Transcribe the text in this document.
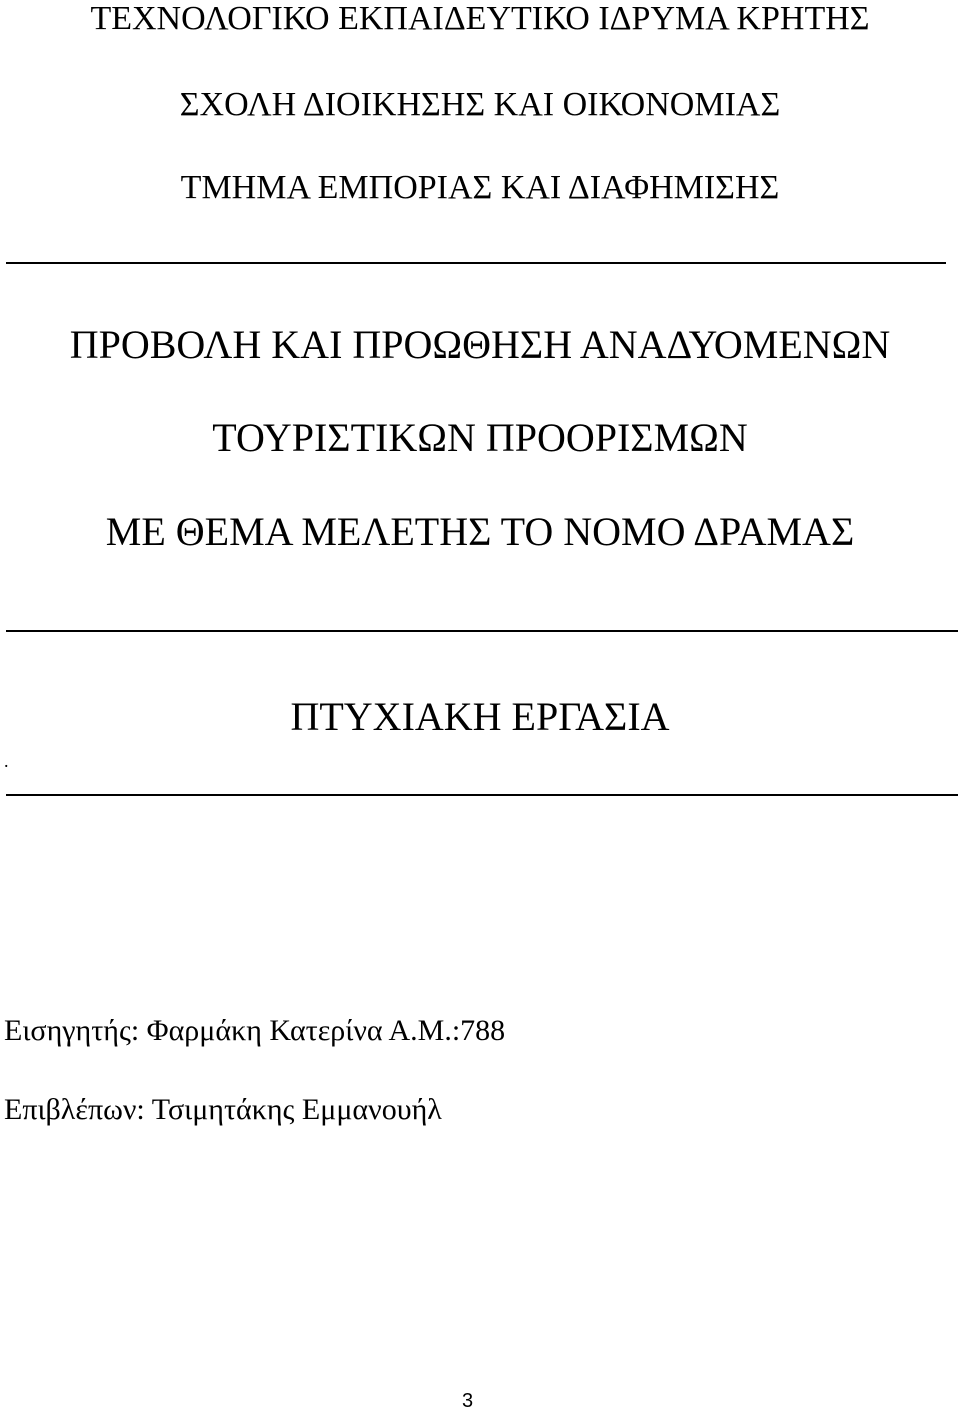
ΤΕΧΝΟΛΟΓΙΚΟ ΕΚΠΑΙΔΕΥΤΙΚΟ ΙΔΡΥΜΑ ΚΡΗΤΗΣ
ΣΧΟΛΗ ΔΙΟΙΚΗΣΗΣ ΚΑΙ ΟΙΚΟΝΟΜΙΑΣ
ΤΜΗΜΑ ΕΜΠΟΡΙΑΣ ΚΑΙ ΔΙΑΦΗΜΙΣΗΣ
ΠΡΟΒΟΛΗ ΚΑΙ ΠΡΟΩΘΗΣΗ ΑΝΑΔΥΟΜΕΝΩΝ
ΤΟΥΡΙΣΤΙΚΩΝ ΠΡΟΟΡΙΣΜΩΝ
ΜΕ ΘΕΜΑ ΜΕΛΕΤΗΣ ΤΟ ΝΟΜΟ ΔΡΑΜΑΣ
ΠΤΥΧΙΑΚΗ ΕΡΓΑΣΙΑ
.
Εισηγητής: Φαρμάκη Κατερίνα Α.Μ.:788
Επιβλέπων: Τσιμητάκης Εμμανουήλ
3
